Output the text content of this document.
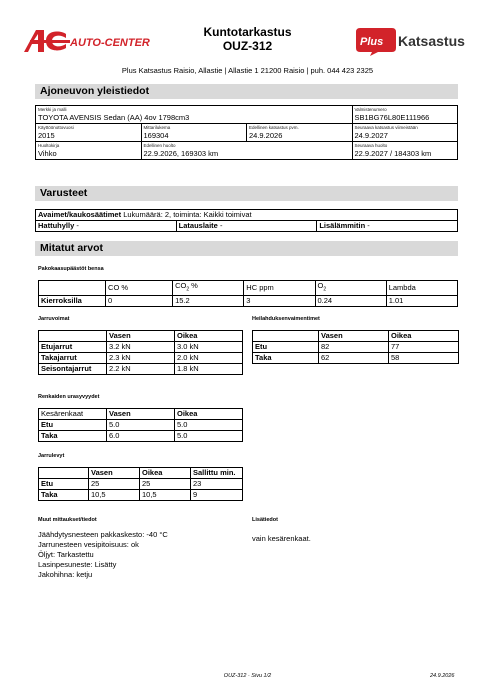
AUTO-CENTER
Kuntotarkastus
OUZ-312	Plus Katsastus
Plus Katsastus Raisio, Allastie | Allastie 1 21200 Raisio | puh. 044 423 2325
Ajoneuvon yleistiedot
Merkki ja malli
TOYOTA AVENSIS Sedan (AA) 4ov 1798cm3			Valmistenumero
SB1BG76L80E111966

Käyttöönottovuosi
2015	Mittarilukema
169304	Edellinen katsastus pvm.
24.9.2026	Seuraava katsastus viimeistään
24.9.2027

Huoltokirja
Vihko	Edellinen huolto
22.9.2026, 169303 km		Seuraava huolto
22.9.2027 / 184303 km
Varusteet
Avaimet/kaukosäätimet Lukumäärä: 2, toiminta: Kaikki toimivat
Hattuhylly -	Latauslaite -	Lisälämmitin -
Mitatut arvot
Pakokaasupäästöt bensa
	CO %	$CO_2$ %	HC ppm	$O_2$	Lambda
Kierroksilla	0	15.2	3	0.24	1.01
Jarruvoimat
	Vasen	Oikea
Etujarrut	3.2 kN	3.0 kN
Takajarrut	2.3 kN	2.0 kN
Seisontajarrut	2.2 kN	1.8 kN
Heilahduksenvaimentimet
	Vasen	Oikea
Etu	82	77
Taka	62	58
Renkaiden urasyvyydet
Kesärenkaat	Vasen	Oikea
Etu	5.0	5.0
Taka	6.0	5.0
Jarrulevyt
	Vasen	Oikea	Sallittu min.
Etu	25	25	23
Taka	10,5	10,5	9
Muut mittaukset/tiedot
Jäähdytysnesteen pakkaskesto: -40 °C
Jarrunesteen vesipitoisuus: ok
Öljyt: Tarkastettu
Lasinpesuneste: Lisätty
Jakohihna: ketju
Lisätiedot
vain kesärenkaat.
OUZ-312 · Sivu 1/2	24.9.2026
